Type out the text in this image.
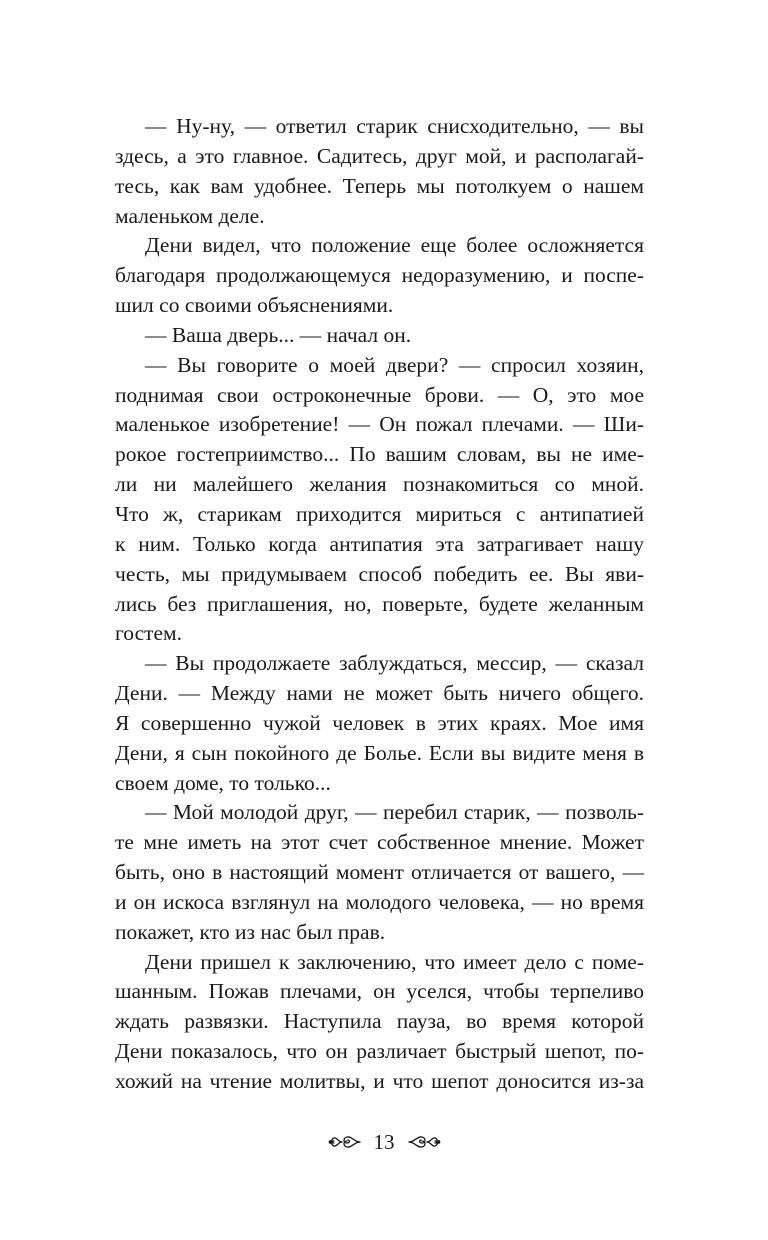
— Ну-ну, — ответил старик снисходительно, — вы
здесь, а это главное. Садитесь, друг мой, и располагай-
тесь, как вам удобнее. Теперь мы потолкуем о нашем
маленьком деле.
Дени видел, что положение еще более осложняется
благодаря продолжающемуся недоразумению, и поспе-
шил со своими объяснениями.
— Ваша дверь... — начал он.
— Вы говорите о моей двери? — спросил хозяин,
поднимая свои остроконечные брови. — О, это мое
маленькое изобретение! — Он пожал плечами. — Ши-
рокое гостеприимство... По вашим словам, вы не име-
ли ни малейшего желания познакомиться со мной.
Что ж, старикам приходится мириться с антипатией
к ним. Только когда антипатия эта затрагивает нашу
честь, мы придумываем способ победить ее. Вы яви-
лись без приглашения, но, поверьте, будете желанным
гостем.
— Вы продолжаете заблуждаться, мессир, — сказал
Дени. — Между нами не может быть ничего общего.
Я совершенно чужой человек в этих краях. Мое имя
Дени, я сын покойного де Болье. Если вы видите меня в
своем доме, то только...
— Мой молодой друг, — перебил старик, — позволь-
те мне иметь на этот счет собственное мнение. Может
быть, оно в настоящий момент отличается от вашего, —
и он искоса взглянул на молодого человека, — но время
покажет, кто из нас был прав.
Дени пришел к заключению, что имеет дело с поме-
шанным. Пожав плечами, он уселся, чтобы терпеливо
ждать развязки. Наступила пауза, во время которой
Дени показалось, что он различает быстрый шепот, по-
хожий на чтение молитвы, и что шепот доносится из-за
13
